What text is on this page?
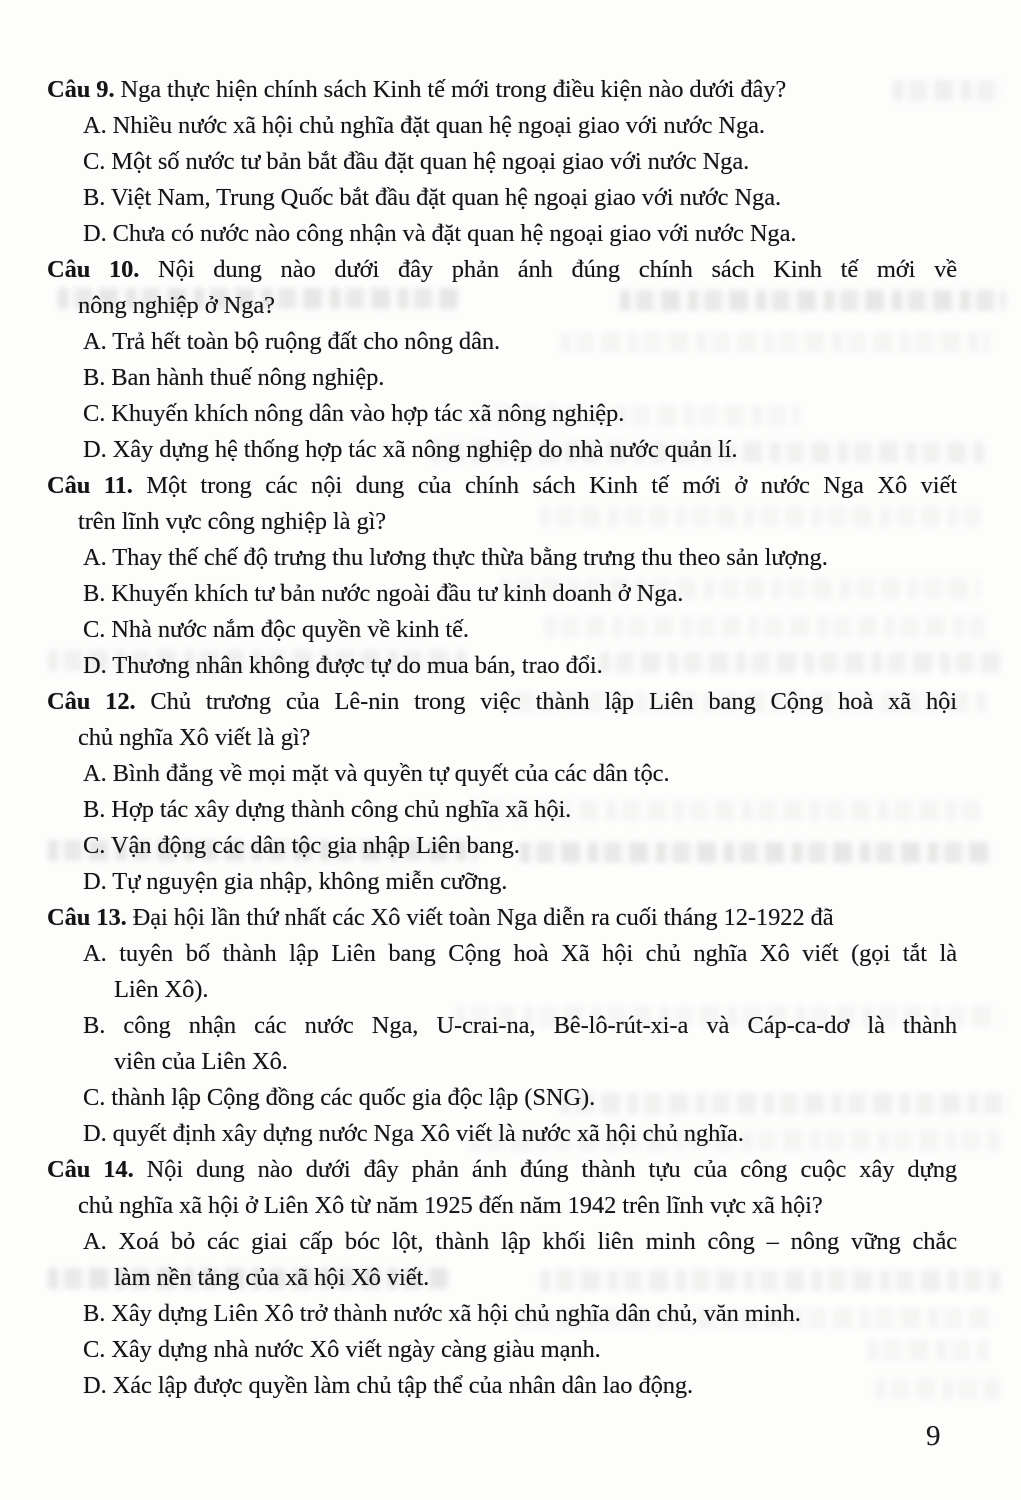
Câu 9. Nga thực hiện chính sách Kinh tế mới trong điều kiện nào dưới đây?
A. Nhiều nước xã hội chủ nghĩa đặt quan hệ ngoại giao với nước Nga.
C. Một số nước tư bản bắt đầu đặt quan hệ ngoại giao với nước Nga.
B. Việt Nam, Trung Quốc bắt đầu đặt quan hệ ngoại giao với nước Nga.
D. Chưa có nước nào công nhận và đặt quan hệ ngoại giao với nước Nga.
Câu 10. Nội dung nào dưới đây phản ánh đúng chính sách Kinh tế mới về
nông nghiệp ở Nga?
A. Trả hết toàn bộ ruộng đất cho nông dân.
B. Ban hành thuế nông nghiệp.
C. Khuyến khích nông dân vào hợp tác xã nông nghiệp.
D. Xây dựng hệ thống hợp tác xã nông nghiệp do nhà nước quản lí.
Câu 11. Một trong các nội dung của chính sách Kinh tế mới ở nước Nga Xô viết
trên lĩnh vực công nghiệp là gì?
A. Thay thế chế độ trưng thu lương thực thừa bằng trưng thu theo sản lượng.
B. Khuyến khích tư bản nước ngoài đầu tư kinh doanh ở Nga.
C. Nhà nước nắm độc quyền về kinh tế.
D. Thương nhân không được tự do mua bán, trao đổi.
Câu 12. Chủ trương của Lê-nin trong việc thành lập Liên bang Cộng hoà xã hội
chủ nghĩa Xô viết là gì?
A. Bình đẳng về mọi mặt và quyền tự quyết của các dân tộc.
B. Hợp tác xây dựng thành công chủ nghĩa xã hội.
C. Vận động các dân tộc gia nhập Liên bang.
D. Tự nguyện gia nhập, không miễn cưỡng.
Câu 13. Đại hội lần thứ nhất các Xô viết toàn Nga diễn ra cuối tháng 12-1922 đã
A. tuyên bố thành lập Liên bang Cộng hoà Xã hội chủ nghĩa Xô viết (gọi tắt là
Liên Xô).
B. công nhận các nước Nga, U-crai-na, Bê-lô-rút-xi-a và Cáp-ca-dơ là thành
viên của Liên Xô.
C. thành lập Cộng đồng các quốc gia độc lập (SNG).
D. quyết định xây dựng nước Nga Xô viết là nước xã hội chủ nghĩa.
Câu 14. Nội dung nào dưới đây phản ánh đúng thành tựu của công cuộc xây dựng
chủ nghĩa xã hội ở Liên Xô từ năm 1925 đến năm 1942 trên lĩnh vực xã hội?
A. Xoá bỏ các giai cấp bóc lột, thành lập khối liên minh công – nông vững chắc
làm nền tảng của xã hội Xô viết.
B. Xây dựng Liên Xô trở thành nước xã hội chủ nghĩa dân chủ, văn minh.
C. Xây dựng nhà nước Xô viết ngày càng giàu mạnh.
D. Xác lập được quyền làm chủ tập thể của nhân dân lao động.
9
